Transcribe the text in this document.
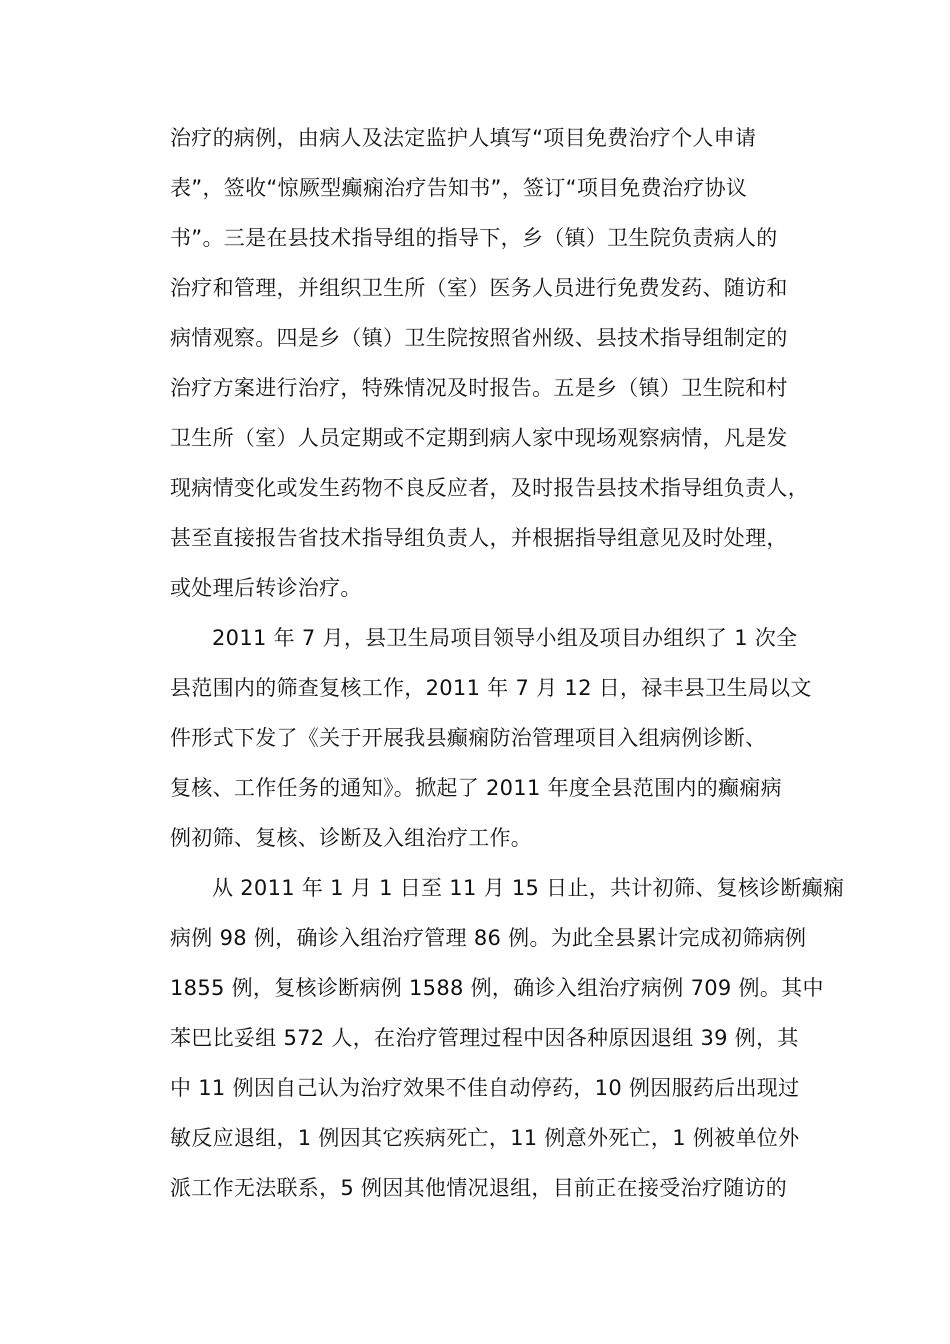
治疗的病例，由病人及法定监护人填写“项目免费治疗个人申请
表”，签收“惊厥型癫痫治疗告知书”，签订“项目免费治疗协议
书”。三是在县技术指导组的指导下，乡（镇）卫生院负责病人的
治疗和管理，并组织卫生所（室）医务人员进行免费发药、随访和
病情观察。四是乡（镇）卫生院按照省州级、县技术指导组制定的
治疗方案进行治疗，特殊情况及时报告。五是乡（镇）卫生院和村
卫生所（室）人员定期或不定期到病人家中现场观察病情，凡是发
现病情变化或发生药物不良反应者，及时报告县技术指导组负责人，
甚至直接报告省技术指导组负责人，并根据指导组意见及时处理，
或处理后转诊治疗。
2011 年 7 月，县卫生局项目领导小组及项目办组织了 1 次全
县范围内的筛查复核工作，2011 年 7 月 12 日，禄丰县卫生局以文
件形式下发了《关于开展我县癫痫防治管理项目入组病例诊断、
复核、工作任务的通知》。掀起了 2011 年度全县范围内的癫痫病
例初筛、复核、诊断及入组治疗工作。
从 2011 年 1 月 1 日至 11 月 15 日止，共计初筛、复核诊断癫痫
病例 98 例，确诊入组治疗管理 86 例。为此全县累计完成初筛病例
1855 例，复核诊断病例 1588 例，确诊入组治疗病例 709 例。其中
苯巴比妥组 572 人，在治疗管理过程中因各种原因退组 39 例，其
中 11 例因自己认为治疗效果不佳自动停药，10 例因服药后出现过
敏反应退组，1 例因其它疾病死亡，11 例意外死亡，1 例被单位外
派工作无法联系，5 例因其他情况退组，目前正在接受治疗随访的
